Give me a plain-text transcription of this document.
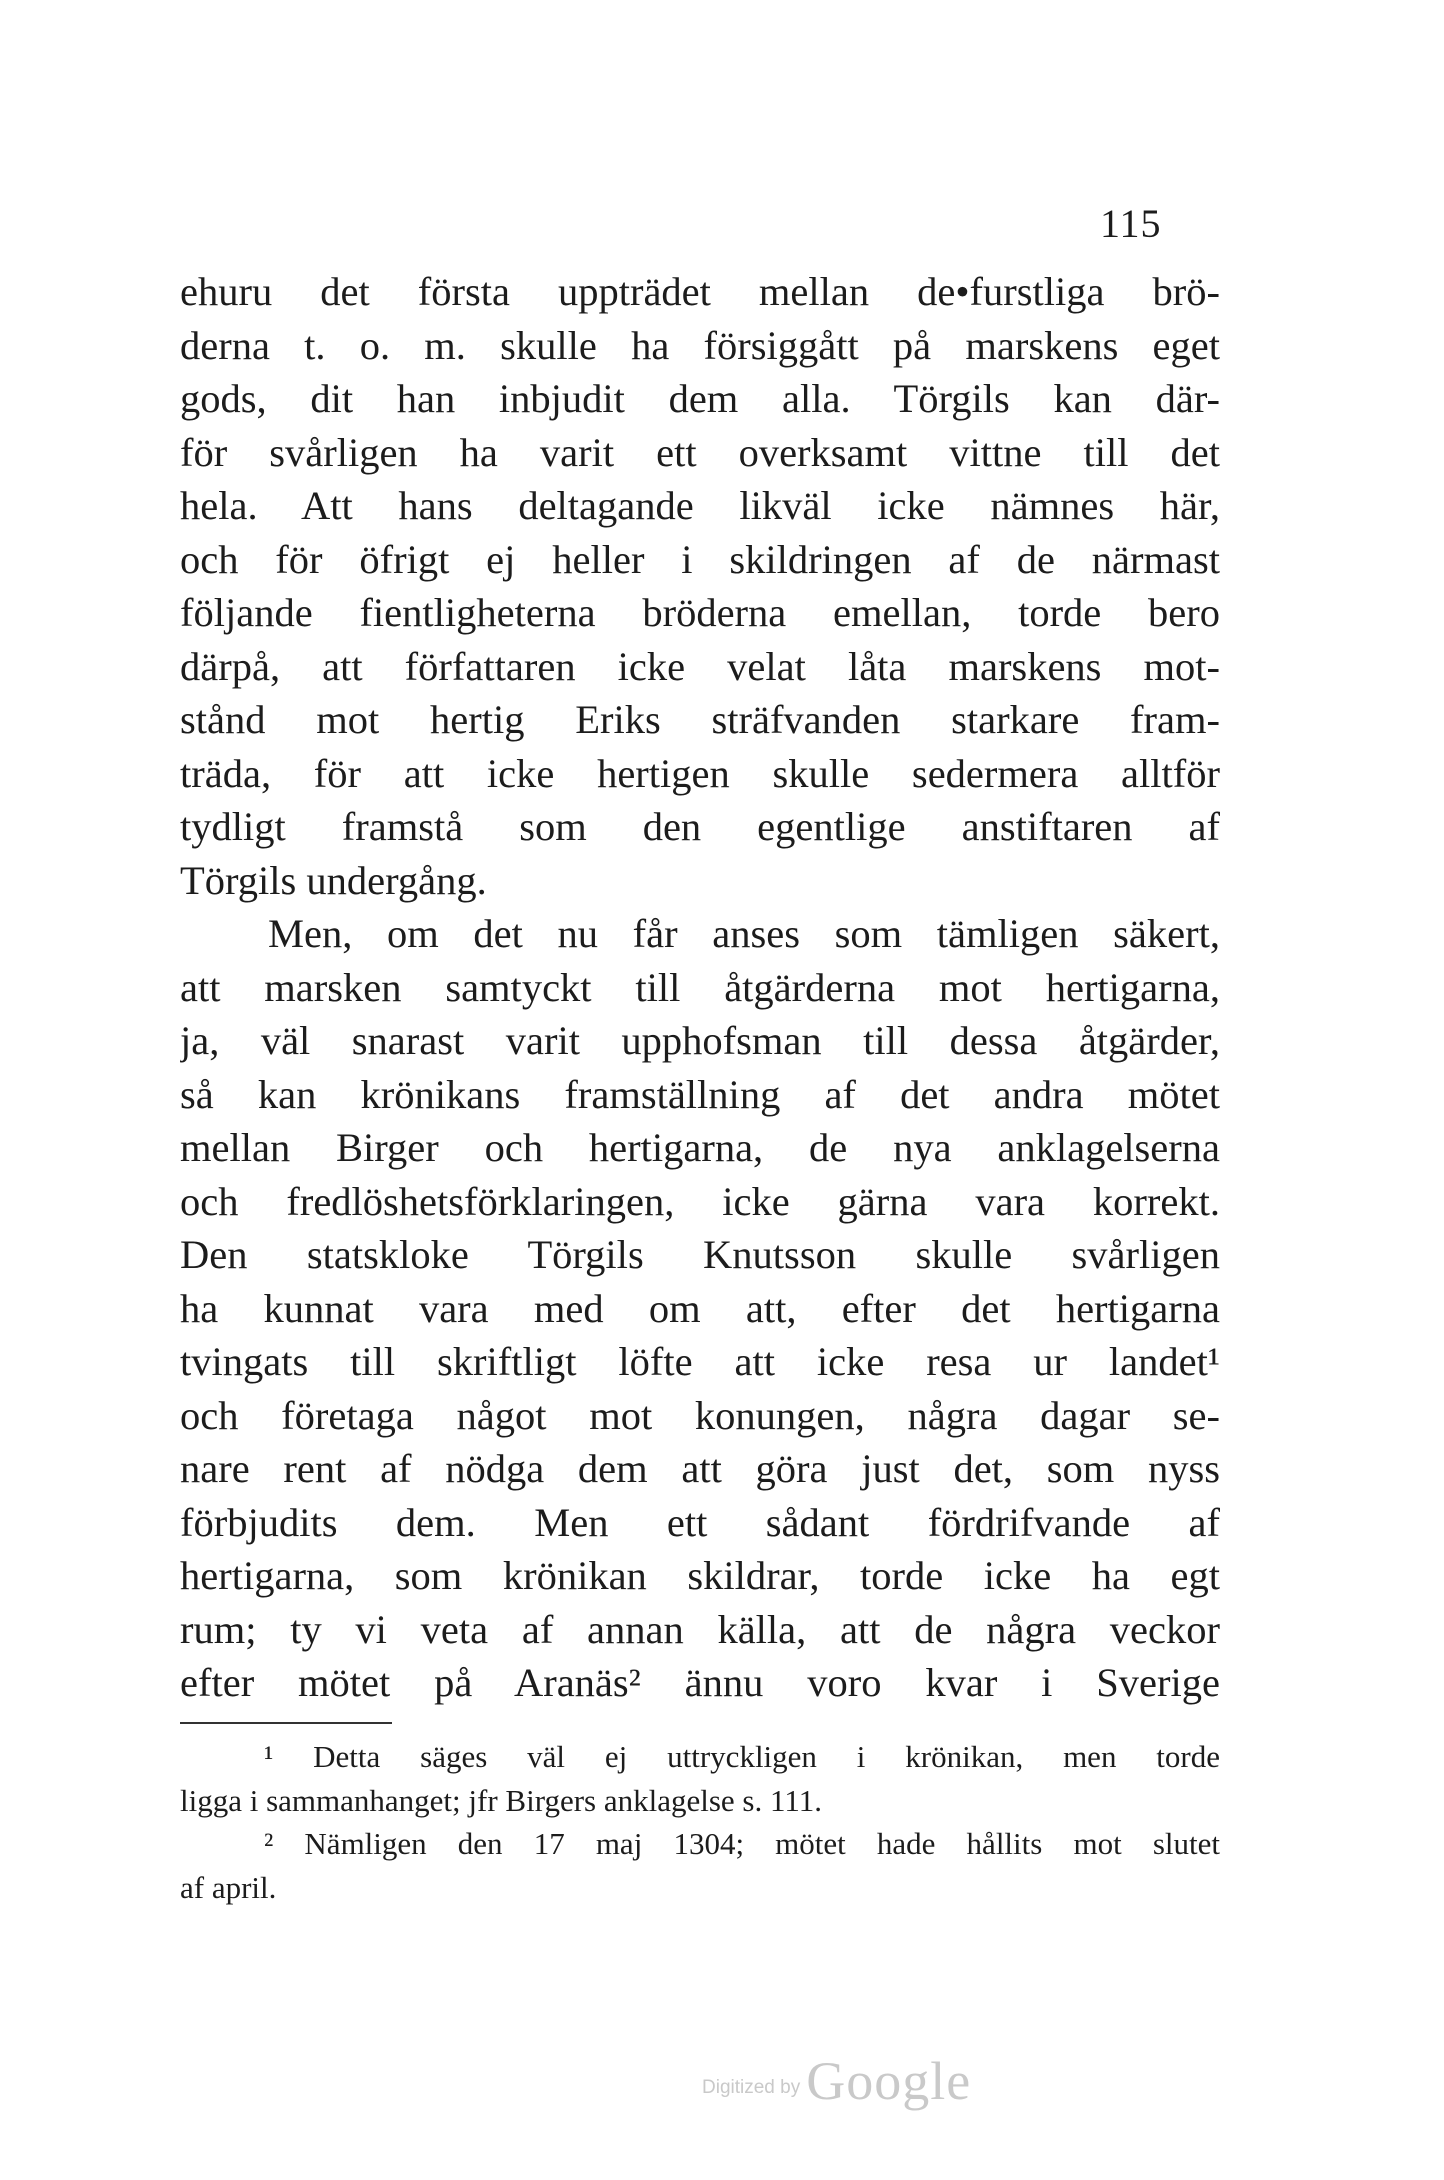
115
ehuru det första uppträdet mellan de•furstliga brö-
derna t. o. m. skulle ha försiggått på marskens eget
gods, dit han inbjudit dem alla. Törgils kan där-
för svårligen ha varit ett overksamt vittne till det
hela. Att hans deltagande likväl icke nämnes här,
och för öfrigt ej heller i skildringen af de närmast
följande fientligheterna bröderna emellan, torde bero
därpå, att författaren icke velat låta marskens mot-
stånd mot hertig Eriks sträfvanden starkare fram-
träda, för att icke hertigen skulle sedermera alltför
tydligt framstå som den egentlige anstiftaren af
Törgils undergång.
Men, om det nu får anses som tämligen säkert,
att marsken samtyckt till åtgärderna mot hertigarna,
ja, väl snarast varit upphofsman till dessa åtgärder,
så kan krönikans framställning af det andra mötet
mellan Birger och hertigarna, de nya anklagelserna
och fredlöshetsförklaringen, icke gärna vara korrekt.
Den statskloke Törgils Knutsson skulle svårligen
ha kunnat vara med om att, efter det hertigarna
tvingats till skriftligt löfte att icke resa ur landet¹
och företaga något mot konungen, några dagar se-
nare rent af nödga dem att göra just det, som nyss
förbjudits dem. Men ett sådant fördrifvande af
hertigarna, som krönikan skildrar, torde icke ha egt
rum; ty vi veta af annan källa, att de några veckor
efter mötet på Aranäs² ännu voro kvar i Sverige
¹ Detta säges väl ej uttryckligen i krönikan, men torde
ligga i sammanhanget; jfr Birgers anklagelse s. 111.
² Nämligen den 17 maj 1304; mötet hade hållits mot slutet
af april.
Digitized by Google
